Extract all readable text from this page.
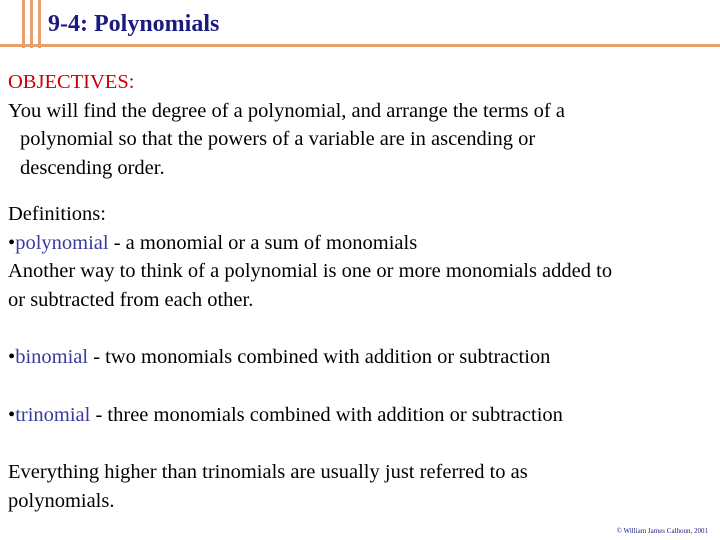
9-4: Polynomials

OBJECTIVES:

You will find the degree of a polynomial, and arrange the terms of a

polynomial so that the powers of a variable are in ascending or

descending order.

Definitions:

•polynomial - a monomial or a sum of monomials

Another way to think of a polynomial is one or more monomials added to

or subtracted from each other.

•binomial - two monomials combined with addition or subtraction

•trinomial - three monomials combined with addition or subtraction

Everything higher than trinomials are usually just referred to as

polynomials.

© William James Calhoun, 2001
